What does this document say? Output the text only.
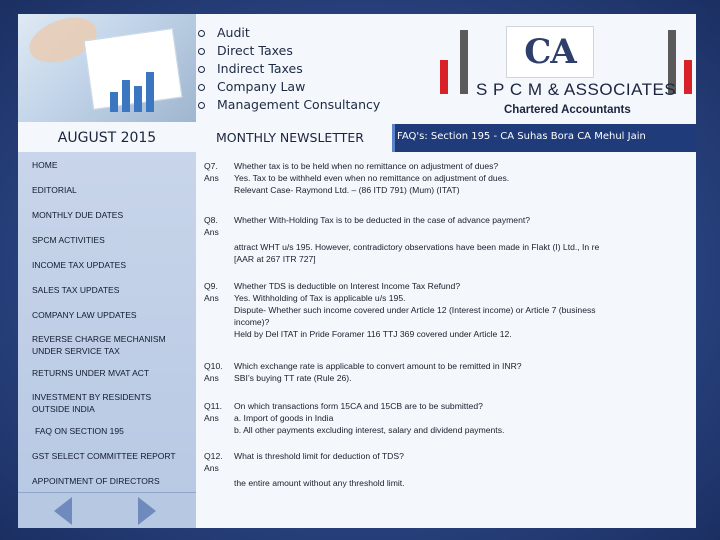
Audit
Direct Taxes
Indirect Taxes
Company Law
Management Consultancy
CA
S P C M & ASSOCIATES
Chartered Accountants
AUGUST 2015	MONTHLY NEWSLETTER	FAQ's: Section 195 - CA Suhas Bora CA Mehul Jain
HOME
EDITORIAL
MONTHLY DUE DATES
SPCM ACTIVITIES
INCOME TAX UPDATES
SALES TAX UPDATES
COMPANY LAW UPDATES
REVERSE CHARGE MECHANISM
UNDER SERVICE TAX
RETURNS UNDER MVAT ACT
INVESTMENT BY RESIDENTS
OUTSIDE INDIA
FAQ ON SECTION 195
GST SELECT COMMITTEE REPORT
APPOINTMENT OF DIRECTORS
Q7.	Whether tax is to be held when no remittance on adjustment of dues?
Ans	Yes. Tax to be withheld even when no remittance on adjustment of dues.
Relevant Case- Raymond Ltd. – (86 ITD 791) (Mum) (ITAT)
Q8.	Whether With-Holding Tax is to be deducted in the case of advance payment?
Ans
attract WHT u/s 195. However, contradictory observations have been made in Flakt (I) Ltd., In re
[AAR at 267 ITR 727]
Q9.	Whether TDS is deductible on Interest Income Tax Refund?
Ans	Yes. Withholding of Tax is applicable u/s 195.
Dispute- Whether such income covered under Article 12 (Interest income) or Article 7 (business
income)?
Held by Del ITAT in Pride Foramer 116 TTJ 369 covered under Article 12.
Q10.	Which exchange rate is applicable to convert amount to be remitted in INR?
Ans	SBI’s buying TT rate (Rule 26).
Q11.	On which transactions form 15CA and 15CB are to be submitted?
Ans	a. Import of goods in India
b. All other payments excluding interest, salary and dividend payments.
Q12.	What is threshold limit for deduction of TDS?
Ans
the entire amount without any threshold limit.
